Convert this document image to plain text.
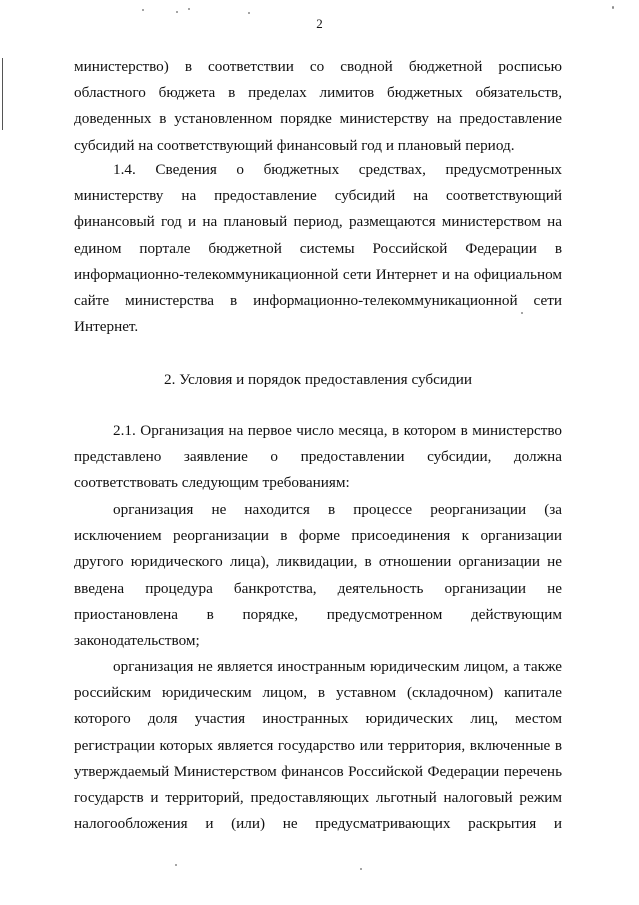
2
министерство) в соответствии со сводной бюджетной росписью
областного бюджета в пределах лимитов бюджетных обязательств,
доведенных в установленном порядке министерству на предоставление
субсидий на соответствующий финансовый год и плановый период.
1.4. Сведения о бюджетных средствах, предусмотренных
министерству на предоставление субсидий на соответствующий
финансовый год и на плановый период, размещаются министерством на
едином портале бюджетной системы Российской Федерации в
информационно-телекоммуникационной сети Интернет и на официальном
сайте министерства в информационно-телекоммуникационной сети
Интернет.
2. Условия и порядок предоставления субсидии
2.1. Организация на первое число месяца, в котором в министерство
представлено заявление о предоставлении субсидии, должна
соответствовать следующим требованиям:
организация не находится в процессе реорганизации (за
исключением реорганизации в форме присоединения к организации
другого юридического лица), ликвидации, в отношении организации не
введена процедура банкротства, деятельность организации не
приостановлена в порядке, предусмотренном действующим
законодательством;
организация не является иностранным юридическим лицом, а также
российским юридическим лицом, в уставном (складочном) капитале
которого доля участия иностранных юридических лиц, местом
регистрации которых является государство или территория, включенные в
утверждаемый Министерством финансов Российской Федерации перечень
государств и территорий, предоставляющих льготный налоговый режим
налогообложения и (или) не предусматривающих раскрытия и
